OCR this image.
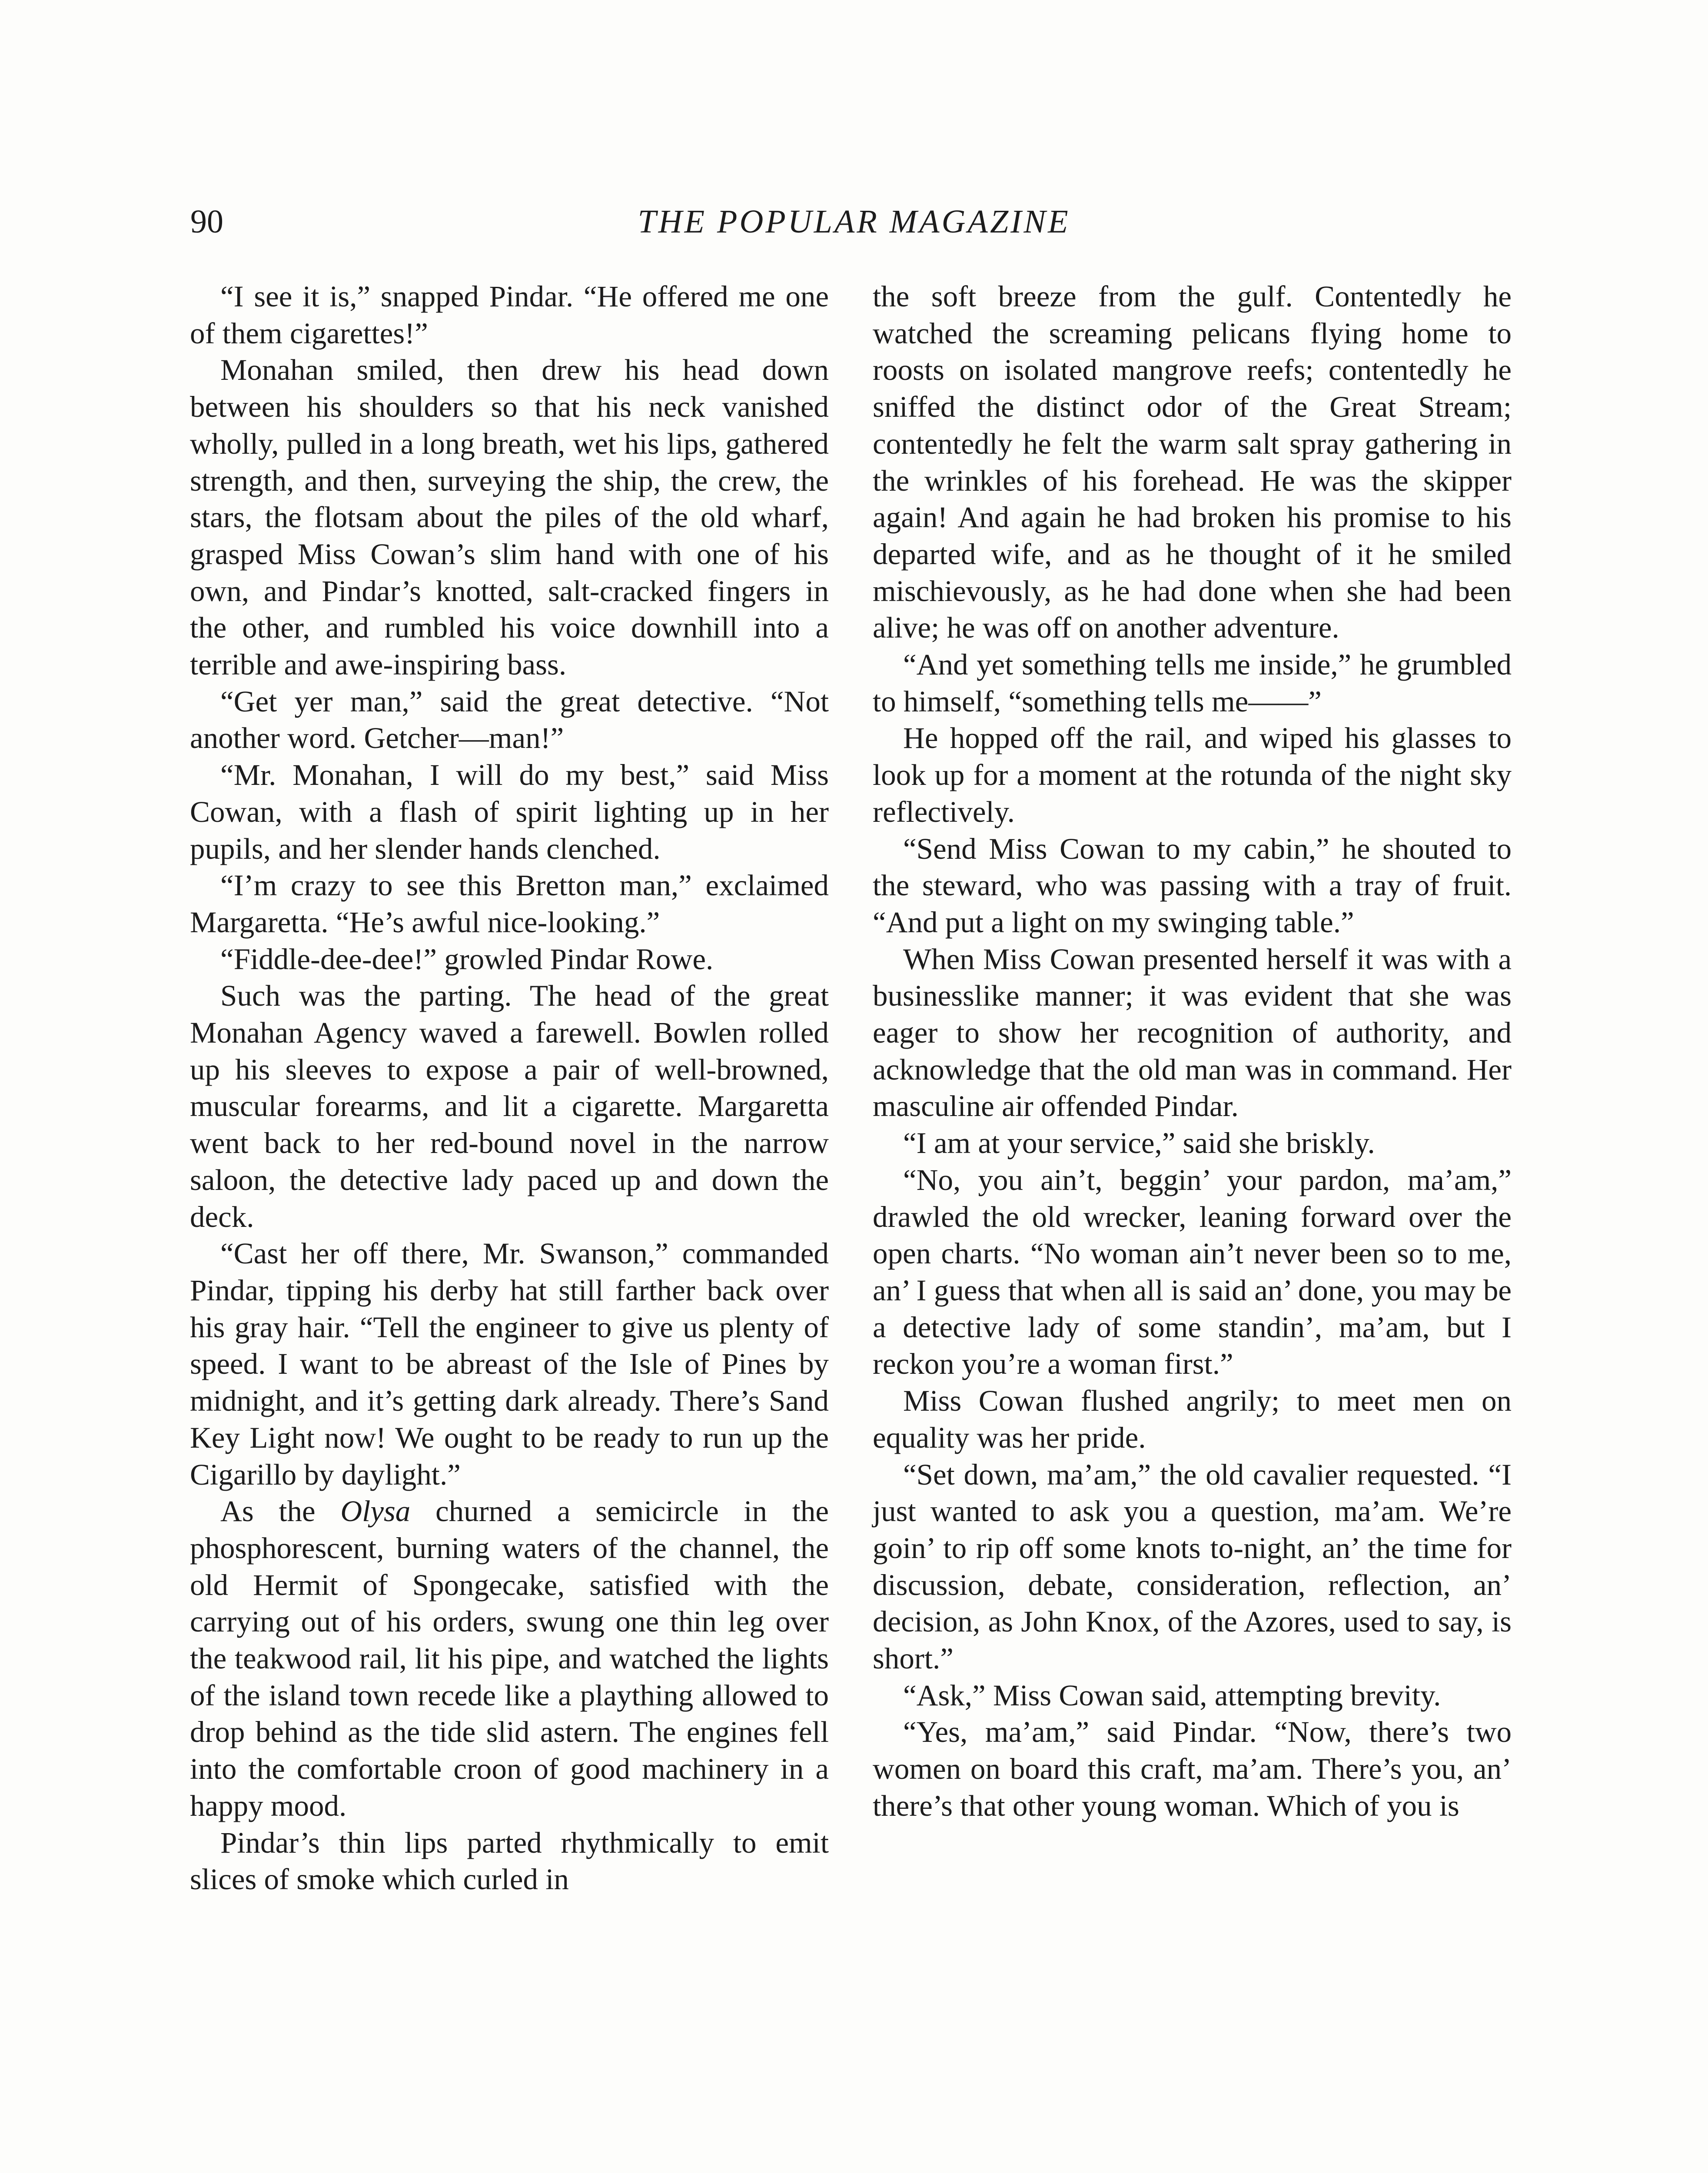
90	THE POPULAR MAGAZINE

“I see it is,” snapped Pindar. “He offered me one of them cigarettes!”

Monahan smiled, then drew his head down between his shoulders so that his neck vanished wholly, pulled in a long breath, wet his lips, gathered strength, and then, surveying the ship, the crew, the stars, the flotsam about the piles of the old wharf, grasped Miss Cowan’s slim hand with one of his own, and Pindar’s knotted, salt-cracked fingers in the other, and rumbled his voice downhill into a terrible and awe-inspiring bass.

“Get yer man,” said the great detective. “Not another word. Getcher—man!”

“Mr. Monahan, I will do my best,” said Miss Cowan, with a flash of spirit lighting up in her pupils, and her slender hands clenched.

“I’m crazy to see this Bretton man,” exclaimed Margaretta. “He’s awful nice-looking.”

“Fiddle-dee-dee!” growled Pindar Rowe.

Such was the parting. The head of the great Monahan Agency waved a farewell. Bowlen rolled up his sleeves to expose a pair of well-browned, muscular forearms, and lit a cigarette. Margaretta went back to her red-bound novel in the narrow saloon, the detective lady paced up and down the deck.

“Cast her off there, Mr. Swanson,” commanded Pindar, tipping his derby hat still farther back over his gray hair. “Tell the engineer to give us plenty of speed. I want to be abreast of the Isle of Pines by midnight, and it’s getting dark already. There’s Sand Key Light now! We ought to be ready to run up the Cigarillo by daylight.”

As the Olysa churned a semicircle in the phosphorescent, burning waters of the channel, the old Hermit of Spongecake, satisfied with the carrying out of his orders, swung one thin leg over the teakwood rail, lit his pipe, and watched the lights of the island town recede like a plaything allowed to drop behind as the tide slid astern. The engines fell into the comfortable croon of good machinery in a happy mood.

Pindar’s thin lips parted rhythmically to emit slices of smoke which curled in

the soft breeze from the gulf. Contentedly he watched the screaming pelicans flying home to roosts on isolated mangrove reefs; contentedly he sniffed the distinct odor of the Great Stream; contentedly he felt the warm salt spray gathering in the wrinkles of his forehead. He was the skipper again! And again he had broken his promise to his departed wife, and as he thought of it he smiled mischievously, as he had done when she had been alive; he was off on another adventure.

“And yet something tells me inside,” he grumbled to himself, “something tells me——”

He hopped off the rail, and wiped his glasses to look up for a moment at the rotunda of the night sky reflectively.

“Send Miss Cowan to my cabin,” he shouted to the steward, who was passing with a tray of fruit. “And put a light on my swinging table.”

When Miss Cowan presented herself it was with a businesslike manner; it was evident that she was eager to show her recognition of authority, and acknowledge that the old man was in command. Her masculine air offended Pindar.

“I am at your service,” said she briskly.

“No, you ain’t, beggin’ your pardon, ma’am,” drawled the old wrecker, leaning forward over the open charts. “No woman ain’t never been so to me, an’ I guess that when all is said an’ done, you may be a detective lady of some standin’, ma’am, but I reckon you’re a woman first.”

Miss Cowan flushed angrily; to meet men on equality was her pride.

“Set down, ma’am,” the old cavalier requested. “I just wanted to ask you a question, ma’am. We’re goin’ to rip off some knots to-night, an’ the time for discussion, debate, consideration, reflection, an’ decision, as John Knox, of the Azores, used to say, is short.”

“Ask,” Miss Cowan said, attempting brevity.

“Yes, ma’am,” said Pindar. “Now, there’s two women on board this craft, ma’am. There’s you, an’ there’s that other young woman. Which of you is
